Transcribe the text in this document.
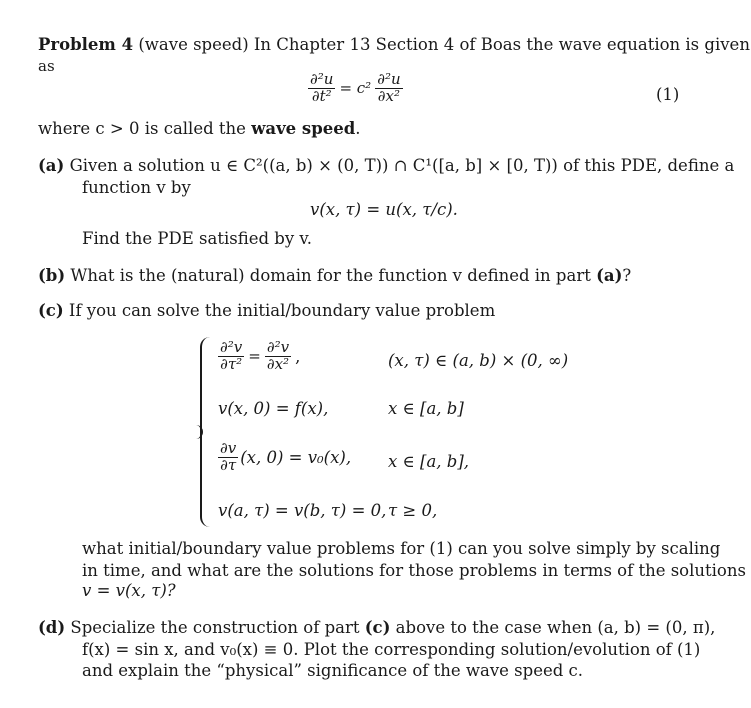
Problem 4 (wave speed) In Chapter 13 Section 4 of Boas the wave equation is given
as
$\frac{\text{∂²u}}{\text{∂t²}} = c^2 \frac{\text{∂²u}}{\text{∂x²}}$	(1)
where c > 0 is called the wave speed.
(a) Given a solution u ∈ C²((a, b) × (0, T)) ∩ C¹([a, b] × [0, T)) of this PDE, define a
function v by
v(x, τ) = u(x, τ/c).
Find the PDE satisfied by v.
(b) What is the (natural) domain for the function v defined in part (a)?
(c) If you can solve the initial/boundary value problem
$\frac{\text{∂²v}}{\text{∂τ²}} = \frac{\text{∂²v}}{\text{∂x²}}$ ,	(x, τ) ∈ (a, b) × (0, ∞)
v(x, 0) = f(x),	x ∈ [a, b]
$\frac{\partial v}{\partial\tau} (x$, 0) = v₀(x), x ∈ [a, b],
v(a, τ) = v(b, τ) = 0, τ ≥ 0,
what initial/boundary value problems for (1) can you solve simply by scaling
in time, and what are the solutions for those problems in terms of the solutions
v = v(x, τ)?
(d) Specialize the construction of part (c) above to the case when (a, b) = (0, π),
f(x) = sin x, and v₀(x) ≡ 0. Plot the corresponding solution/evolution of (1)
and explain the “physical” significance of the wave speed c.
